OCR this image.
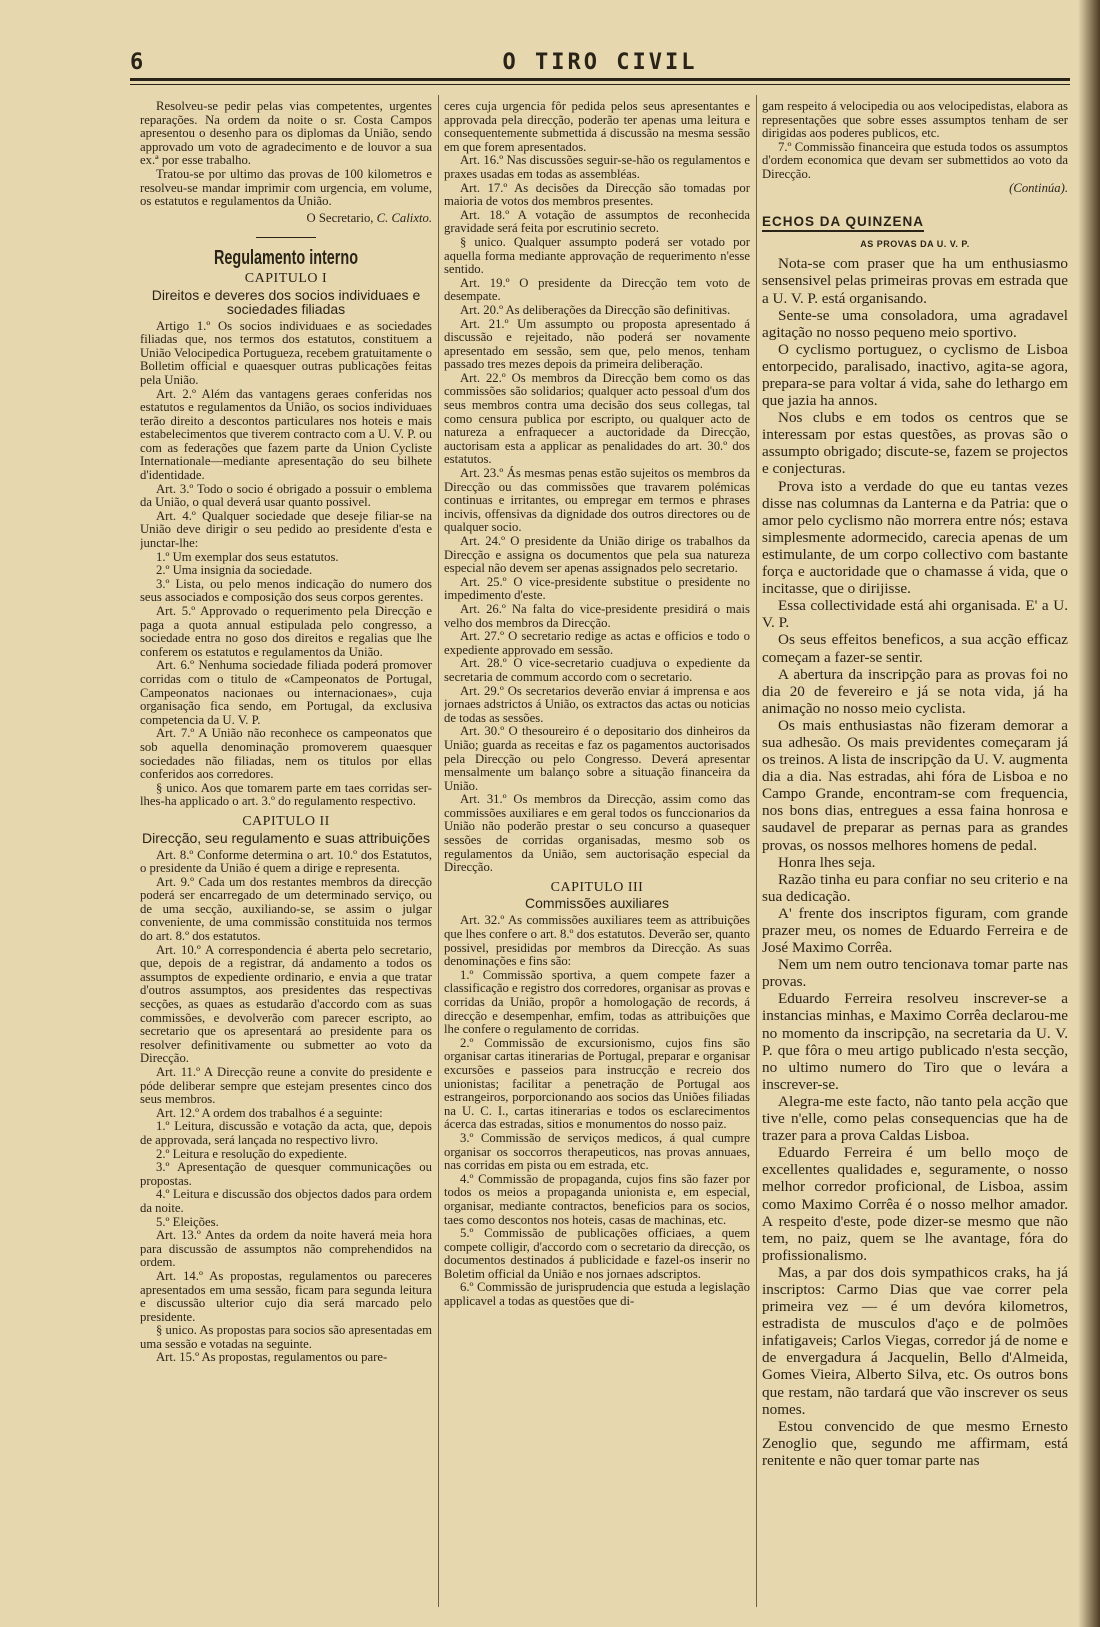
6	O TIRO CIVIL

Resolveu-se pedir pelas vias competentes, urgentes reparações. Na ordem da noite o sr. Costa Campos apresentou o desenho para os diplomas da União, sendo approvado um voto de agradecimento e de louvor a sua ex.ª por esse trabalho.

Tratou-se por ultimo das provas de 100 kilometros e resolveu-se mandar imprimir com urgencia, em volume, os estatutos e regulamentos da União.

O Secretario, C. Calixto.
Regulamento interno
CAPITULO I
Direitos e deveres dos socios individuaes e sociedades filiadas

Artigo 1.º Os socios individuaes e as sociedades filiadas que, nos termos dos estatutos, constituem a União Velocipedica Portugueza, recebem gratuitamente o Bolletim official e quaesquer outras publicações feitas pela União.

Art. 2.º Além das vantagens geraes conferidas nos estatutos e regulamentos da União, os socios individuaes terão direito a descontos particulares nos hoteis e mais estabelecimentos que tiverem contracto com a U. V. P. ou com as federações que fazem parte da Union Cycliste Internationale—mediante apresentação do seu bilhete d'identidade.

Art. 3.º Todo o socio é obrigado a possuir o emblema da União, o qual deverá usar quanto possivel.

Art. 4.º Qualquer sociedade que deseje filiar-se na União deve dirigir o seu pedido ao presidente d'esta e junctar-lhe:

1.º Um exemplar dos seus estatutos.

2.º Uma insignia da sociedade.

3.º Lista, ou pelo menos indicação do numero dos seus associados e composição dos seus corpos gerentes.

Art. 5.º Approvado o requerimento pela Direcção e paga a quota annual estipulada pelo congresso, a sociedade entra no goso dos direitos e regalias que lhe conferem os estatutos e regulamentos da União.

Art. 6.º Nenhuma sociedade filiada poderá promover corridas com o titulo de «Campeonatos de Portugal, Campeonatos nacionaes ou internacionaes», cuja organisação fica sendo, em Portugal, da exclusiva competencia da U. V. P.

Art. 7.º A União não reconhece os campeonatos que sob aquella denominação promoverem quaesquer sociedades não filiadas, nem os titulos por ellas conferidos aos corredores.

§ unico. Aos que tomarem parte em taes corridas ser-lhes-ha applicado o art. 3.º do regulamento respectivo.

CAPITULO II
Direcção, seu regulamento e suas attribuições

Art. 8.º Conforme determina o art. 10.º dos Estatutos, o presidente da União é quem a dirige e representa.

Art. 9.º Cada um dos restantes membros da direcção poderá ser encarregado de um determinado serviço, ou de uma secção, auxiliando-se, se assim o julgar conveniente, de uma commissão constituida nos termos do art. 8.º dos estatutos.

Art. 10.º A correspondencia é aberta pelo secretario, que, depois de a registrar, dá andamento a todos os assumptos de expediente ordinario, e envia a que tratar d'outros assumptos, aos presidentes das respectivas secções, as quaes as estudarão d'accordo com as suas commissões, e devolverão com parecer escripto, ao secretario que os apresentará ao presidente para os resolver definitivamente ou submetter ao voto da Direcção.

Art. 11.º A Direcção reune a convite do presidente e póde deliberar sempre que estejam presentes cinco dos seus membros.

Art. 12.º A ordem dos trabalhos é a seguinte:

1.º Leitura, discussão e votação da acta, que, depois de approvada, será lançada no respectivo livro.

2.º Leitura e resolução do expediente.

3.º Apresentação de quesquer communicações ou propostas.

4.º Leitura e discussão dos objectos dados para ordem da noite.

5.º Eleições.

Art. 13.º Antes da ordem da noite haverá meia hora para discussão de assumptos não comprehendidos na ordem.

Art. 14.º As propostas, regulamentos ou pareceres apresentados em uma sessão, ficam para segunda leitura e discussão ulterior cujo dia será marcado pelo presidente.

§ unico. As propostas para socios são apresentadas em uma sessão e votadas na seguinte.

Art. 15.º As propostas, regulamentos ou pare-

ceres cuja urgencia fôr pedida pelos seus apresentantes e approvada pela direcção, poderão ter apenas uma leitura e consequentemente submettida á discussão na mesma sessão em que forem apresentados.

Art. 16.º Nas discussões seguir-se-hão os regulamentos e praxes usadas em todas as assembléas.

Art. 17.º As decisões da Direcção são tomadas por maioria de votos dos membros presentes.

Art. 18.º A votação de assumptos de reconhecida gravidade será feita por escrutinio secreto.

§ unico. Qualquer assumpto poderá ser votado por aquella forma mediante approvação de requerimento n'esse sentido.

Art. 19.º O presidente da Direcção tem voto de desempate.

Art. 20.º As deliberações da Direcção são definitivas.

Art. 21.º Um assumpto ou proposta apresentado á discussão e rejeitado, não poderá ser novamente apresentado em sessão, sem que, pelo menos, tenham passado tres mezes depois da primeira deliberação.

Art. 22.º Os membros da Direcção bem como os das commissões são solidarios; qualquer acto pessoal d'um dos seus membros contra uma decisão dos seus collegas, tal como censura publica por escripto, ou qualquer acto de natureza a enfraquecer a auctoridade da Direcção, auctorisam esta a applicar as penalidades do art. 30.º dos estatutos.

Art. 23.º Ás mesmas penas estão sujeitos os membros da Direcção ou das commissões que travarem polémicas continuas e irritantes, ou empregar em termos e phrases incivis, offensivas da dignidade dos outros directores ou de qualquer socio.

Art. 24.º O presidente da União dirige os trabalhos da Direcção e assigna os documentos que pela sua natureza especial não devem ser apenas assignados pelo secretario.

Art. 25.º O vice-presidente substitue o presidente no impedimento d'este.

Art. 26.º Na falta do vice-presidente presidirá o mais velho dos membros da Direcção.

Art. 27.º O secretario redige as actas e officios e todo o expediente approvado em sessão.

Art. 28.º O vice-secretario cuadjuva o expediente da secretaria de commum accordo com o secretario.

Art. 29.º Os secretarios deverão enviar á imprensa e aos jornaes adstrictos á União, os extractos das actas ou noticias de todas as sessões.

Art. 30.º O thesoureiro é o depositario dos dinheiros da União; guarda as receitas e faz os pagamentos auctorisados pela Direcção ou pelo Congresso. Deverá apresentar mensalmente um balanço sobre a situação financeira da União.

Art. 31.º Os membros da Direcção, assim como das commissões auxiliares e em geral todos os funccionarios da União não poderão prestar o seu concurso a quasequer sessões de corridas organisadas, mesmo sob os regulamentos da União, sem auctorisação especial da Direcção.

CAPITULO III
Commissões auxiliares

Art. 32.º As commissões auxiliares teem as attribuições que lhes confere o art. 8.º dos estatutos. Deverão ser, quanto possivel, presididas por membros da Direcção. As suas denominações e fins são:

1.º Commissão sportiva, a quem compete fazer a classificação e registro dos corredores, organisar as provas e corridas da União, propôr a homologação de records, á direcção e desempenhar, emfim, todas as attribuições que lhe confere o regulamento de corridas.

2.º Commissão de excursionismo, cujos fins são organisar cartas itinerarias de Portugal, preparar e organisar excursões e passeios para instrucção e recreio dos unionistas; facilitar a penetração de Portugal aos estrangeiros, porporcionando aos socios das Uniões filiadas na U. C. I., cartas itinerarias e todos os esclarecimentos ácerca das estradas, sitios e monumentos do nosso paiz.

3.º Commissão de serviços medicos, á qual cumpre organisar os soccorros therapeuticos, nas provas annuaes, nas corridas em pista ou em estrada, etc.

4.º Commissão de propaganda, cujos fins são fazer por todos os meios a propaganda unionista e, em especial, organisar, mediante contractos, beneficios para os socios, taes como descontos nos hoteis, casas de machinas, etc.

5.º Commissão de publicações officiaes, a quem compete colligir, d'accordo com o secretario da direcção, os documentos destinados á publicidade e fazel-os inserir no Boletim official da União e nos jornaes adscriptos.

6.º Commissão de jurisprudencia que estuda a legislação applicavel a todas as questões que di-

gam respeito á velocipedia ou aos velocipedistas, elabora as representações que sobre esses assumptos tenham de ser dirigidas aos poderes publicos, etc.

7.º Commissão financeira que estuda todos os assumptos d'ordem economica que devam ser submettidos ao voto da Direcção.

(Continúa).
ECHOS DA QUINZENA
AS PROVAS DA U. V. P.

Nota-se com praser que ha um enthusiasmo sensensivel pelas primeiras provas em estrada que a U. V. P. está organisando.

Sente-se uma consoladora, uma agradavel agitação no nosso pequeno meio sportivo.

O cyclismo portuguez, o cyclismo de Lisboa entorpecido, paralisado, inactivo, agita-se agora, prepara-se para voltar á vida, sahe do lethargo em que jazia ha annos.

Nos clubs e em todos os centros que se interessam por estas questões, as provas são o assumpto obrigado; discute-se, fazem se projectos e conjecturas.

Prova isto a verdade do que eu tantas vezes disse nas columnas da Lanterna e da Patria: que o amor pelo cyclismo não morrera entre nós; estava simplesmente adormecido, carecia apenas de um estimulante, de um corpo collectivo com bastante força e auctoridade que o chamasse á vida, que o incitasse, que o dirijisse.

Essa collectividade está ahi organisada. E' a U. V. P.

Os seus effeitos beneficos, a sua acção efficaz começam a fazer-se sentir.

A abertura da inscripção para as provas foi no dia 20 de fevereiro e já se nota vida, já ha animação no nosso meio cyclista.

Os mais enthusiastas não fizeram demorar a sua adhesão. Os mais previdentes começaram já os treinos. A lista de inscripção da U. V. augmenta dia a dia. Nas estradas, ahi fóra de Lisboa e no Campo Grande, encontram-se com frequencia, nos bons dias, entregues a essa faina honrosa e saudavel de preparar as pernas para as grandes provas, os nossos melhores homens de pedal.

Honra lhes seja.

Razão tinha eu para confiar no seu criterio e na sua dedicação.

A' frente dos inscriptos figuram, com grande prazer meu, os nomes de Eduardo Ferreira e de José Maximo Corrêa.

Nem um nem outro tencionava tomar parte nas provas.

Eduardo Ferreira resolveu inscrever-se a instancias minhas, e Maximo Corrêa declarou-me no momento da inscripção, na secretaria da U. V. P. que fôra o meu artigo publicado n'esta secção, no ultimo numero do Tiro que o levára a inscrever-se.

Alegra-me este facto, não tanto pela acção que tive n'elle, como pelas consequencias que ha de trazer para a prova Caldas Lisboa.

Eduardo Ferreira é um bello moço de excellentes qualidades e, seguramente, o nosso melhor corredor proficional, de Lisboa, assim como Maximo Corrêa é o nosso melhor amador. A respeito d'este, pode dizer-se mesmo que não tem, no paiz, quem se lhe avantage, fóra do profissionalismo.

Mas, a par dos dois sympathicos craks, ha já inscriptos: Carmo Dias que vae correr pela primeira vez — é um devóra kilometros, estradista de musculos d'aço e de polmões infatigaveis; Carlos Viegas, corredor já de nome e de envergadura á Jacquelin, Bello d'Almeida, Gomes Vieira, Alberto Silva, etc. Os outros bons que restam, não tardará que vão inscrever os seus nomes.

Estou convencido de que mesmo Ernesto Zenoglio que, segundo me affirmam, está renitente e não quer tomar parte nas
